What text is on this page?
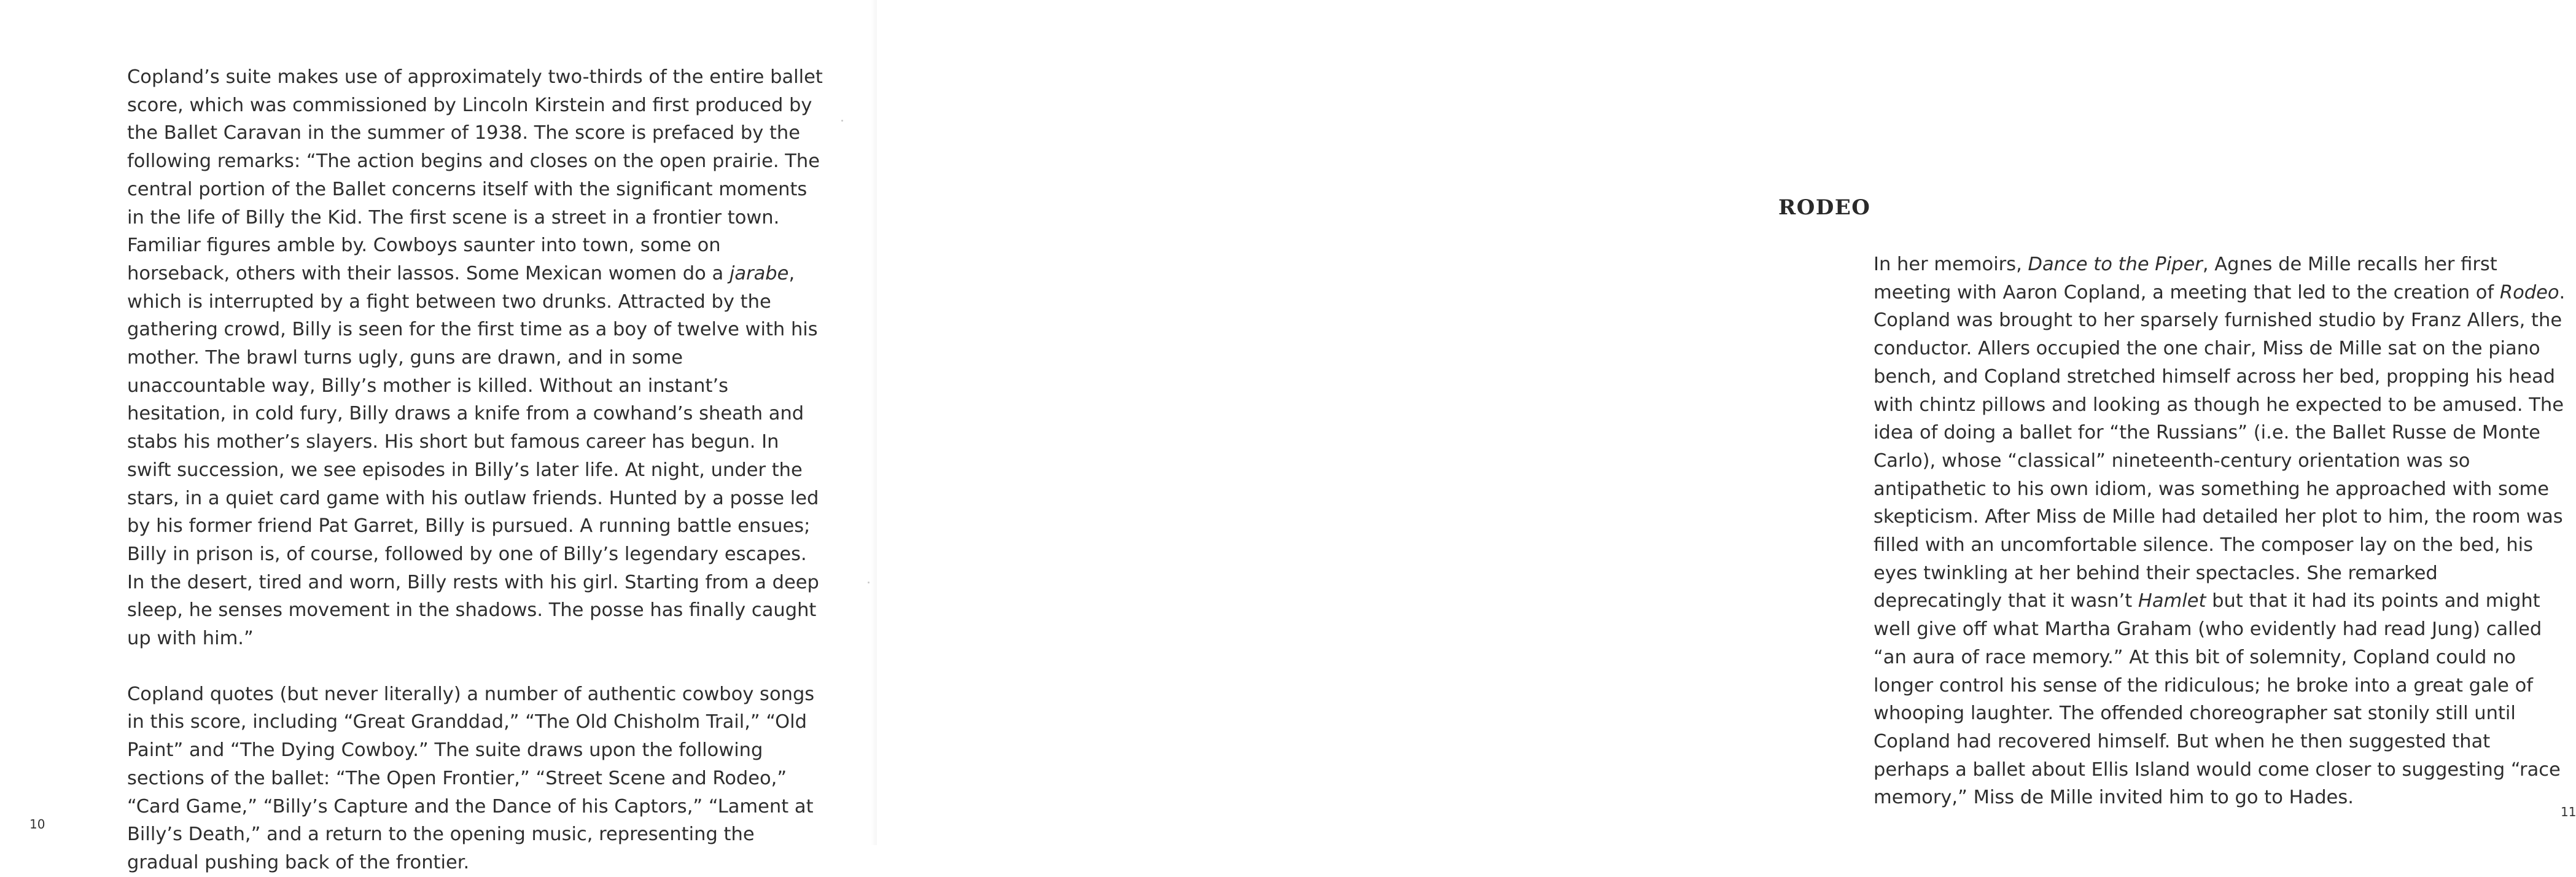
Copland’s suite makes use of approximately two-thirds of the entire ballet score, which was commissioned by Lincoln Kirstein and first produced by the Ballet Caravan in the summer of 1938. The score is prefaced by the following remarks: “The action begins and closes on the open prairie. The central portion of the Ballet concerns itself with the significant moments in the life of Billy the Kid. The first scene is a street in a frontier town. Familiar figures amble by. Cowboys saunter into town, some on horseback, others with their lassos. Some Mexican women do a jarabe, which is interrupted by a fight between two drunks. Attracted by the gathering crowd, Billy is seen for the first time as a boy of twelve with his mother. The brawl turns ugly, guns are drawn, and in some unaccountable way, Billy’s mother is killed. Without an instant’s hesitation, in cold fury, Billy draws a knife from a cowhand’s sheath and stabs his mother’s slayers. His short but famous career has begun. In swift succession, we see episodes in Billy’s later life. At night, under the stars, in a quiet card game with his outlaw friends. Hunted by a posse led by his former friend Pat Garret, Billy is pursued. A running battle ensues; Billy in prison is, of course, followed by one of Billy’s legendary escapes. In the desert, tired and worn, Billy rests with his girl. Starting from a deep sleep, he senses movement in the shadows. The posse has finally caught up with him.”

Copland quotes (but never literally) a number of authentic cowboy songs in this score, including “Great Granddad,” “The Old Chisholm Trail,” “Old Paint” and “The Dying Cowboy.” The suite draws upon the following sections of the ballet: “The Open Frontier,” “Street Scene and Rodeo,” “Card Game,” “Billy’s Capture and the Dance of his Captors,” “Lament at Billy’s Death,” and a return to the opening music, representing the gradual pushing back of the frontier.

10
RODEO

In her memoirs, Dance to the Piper, Agnes de Mille recalls her first meeting with Aaron Copland, a meeting that led to the creation of Rodeo. Copland was brought to her sparsely furnished studio by Franz Allers, the conductor. Allers occupied the one chair, Miss de Mille sat on the piano bench, and Copland stretched himself across her bed, propping his head with chintz pillows and looking as though he expected to be amused. The idea of doing a ballet for “the Russians” (i.e. the Ballet Russe de Monte Carlo), whose “classical” nineteenth-century orientation was so antipathetic to his own idiom, was something he approached with some skepticism. After Miss de Mille had detailed her plot to him, the room was filled with an uncomfortable silence. The composer lay on the bed, his eyes twinkling at her behind their spectacles. She remarked deprecatingly that it wasn’t Hamlet but that it had its points and might well give off what Martha Graham (who evidently had read Jung) called “an aura of race memory.” At this bit of solemnity, Copland could no longer control his sense of the ridiculous; he broke into a great gale of whooping laughter. The offended choreographer sat stonily still until Copland had recovered himself. But when he then suggested that perhaps a ballet about Ellis Island would come closer to suggesting “race memory,” Miss de Mille invited him to go to Hades.

11
